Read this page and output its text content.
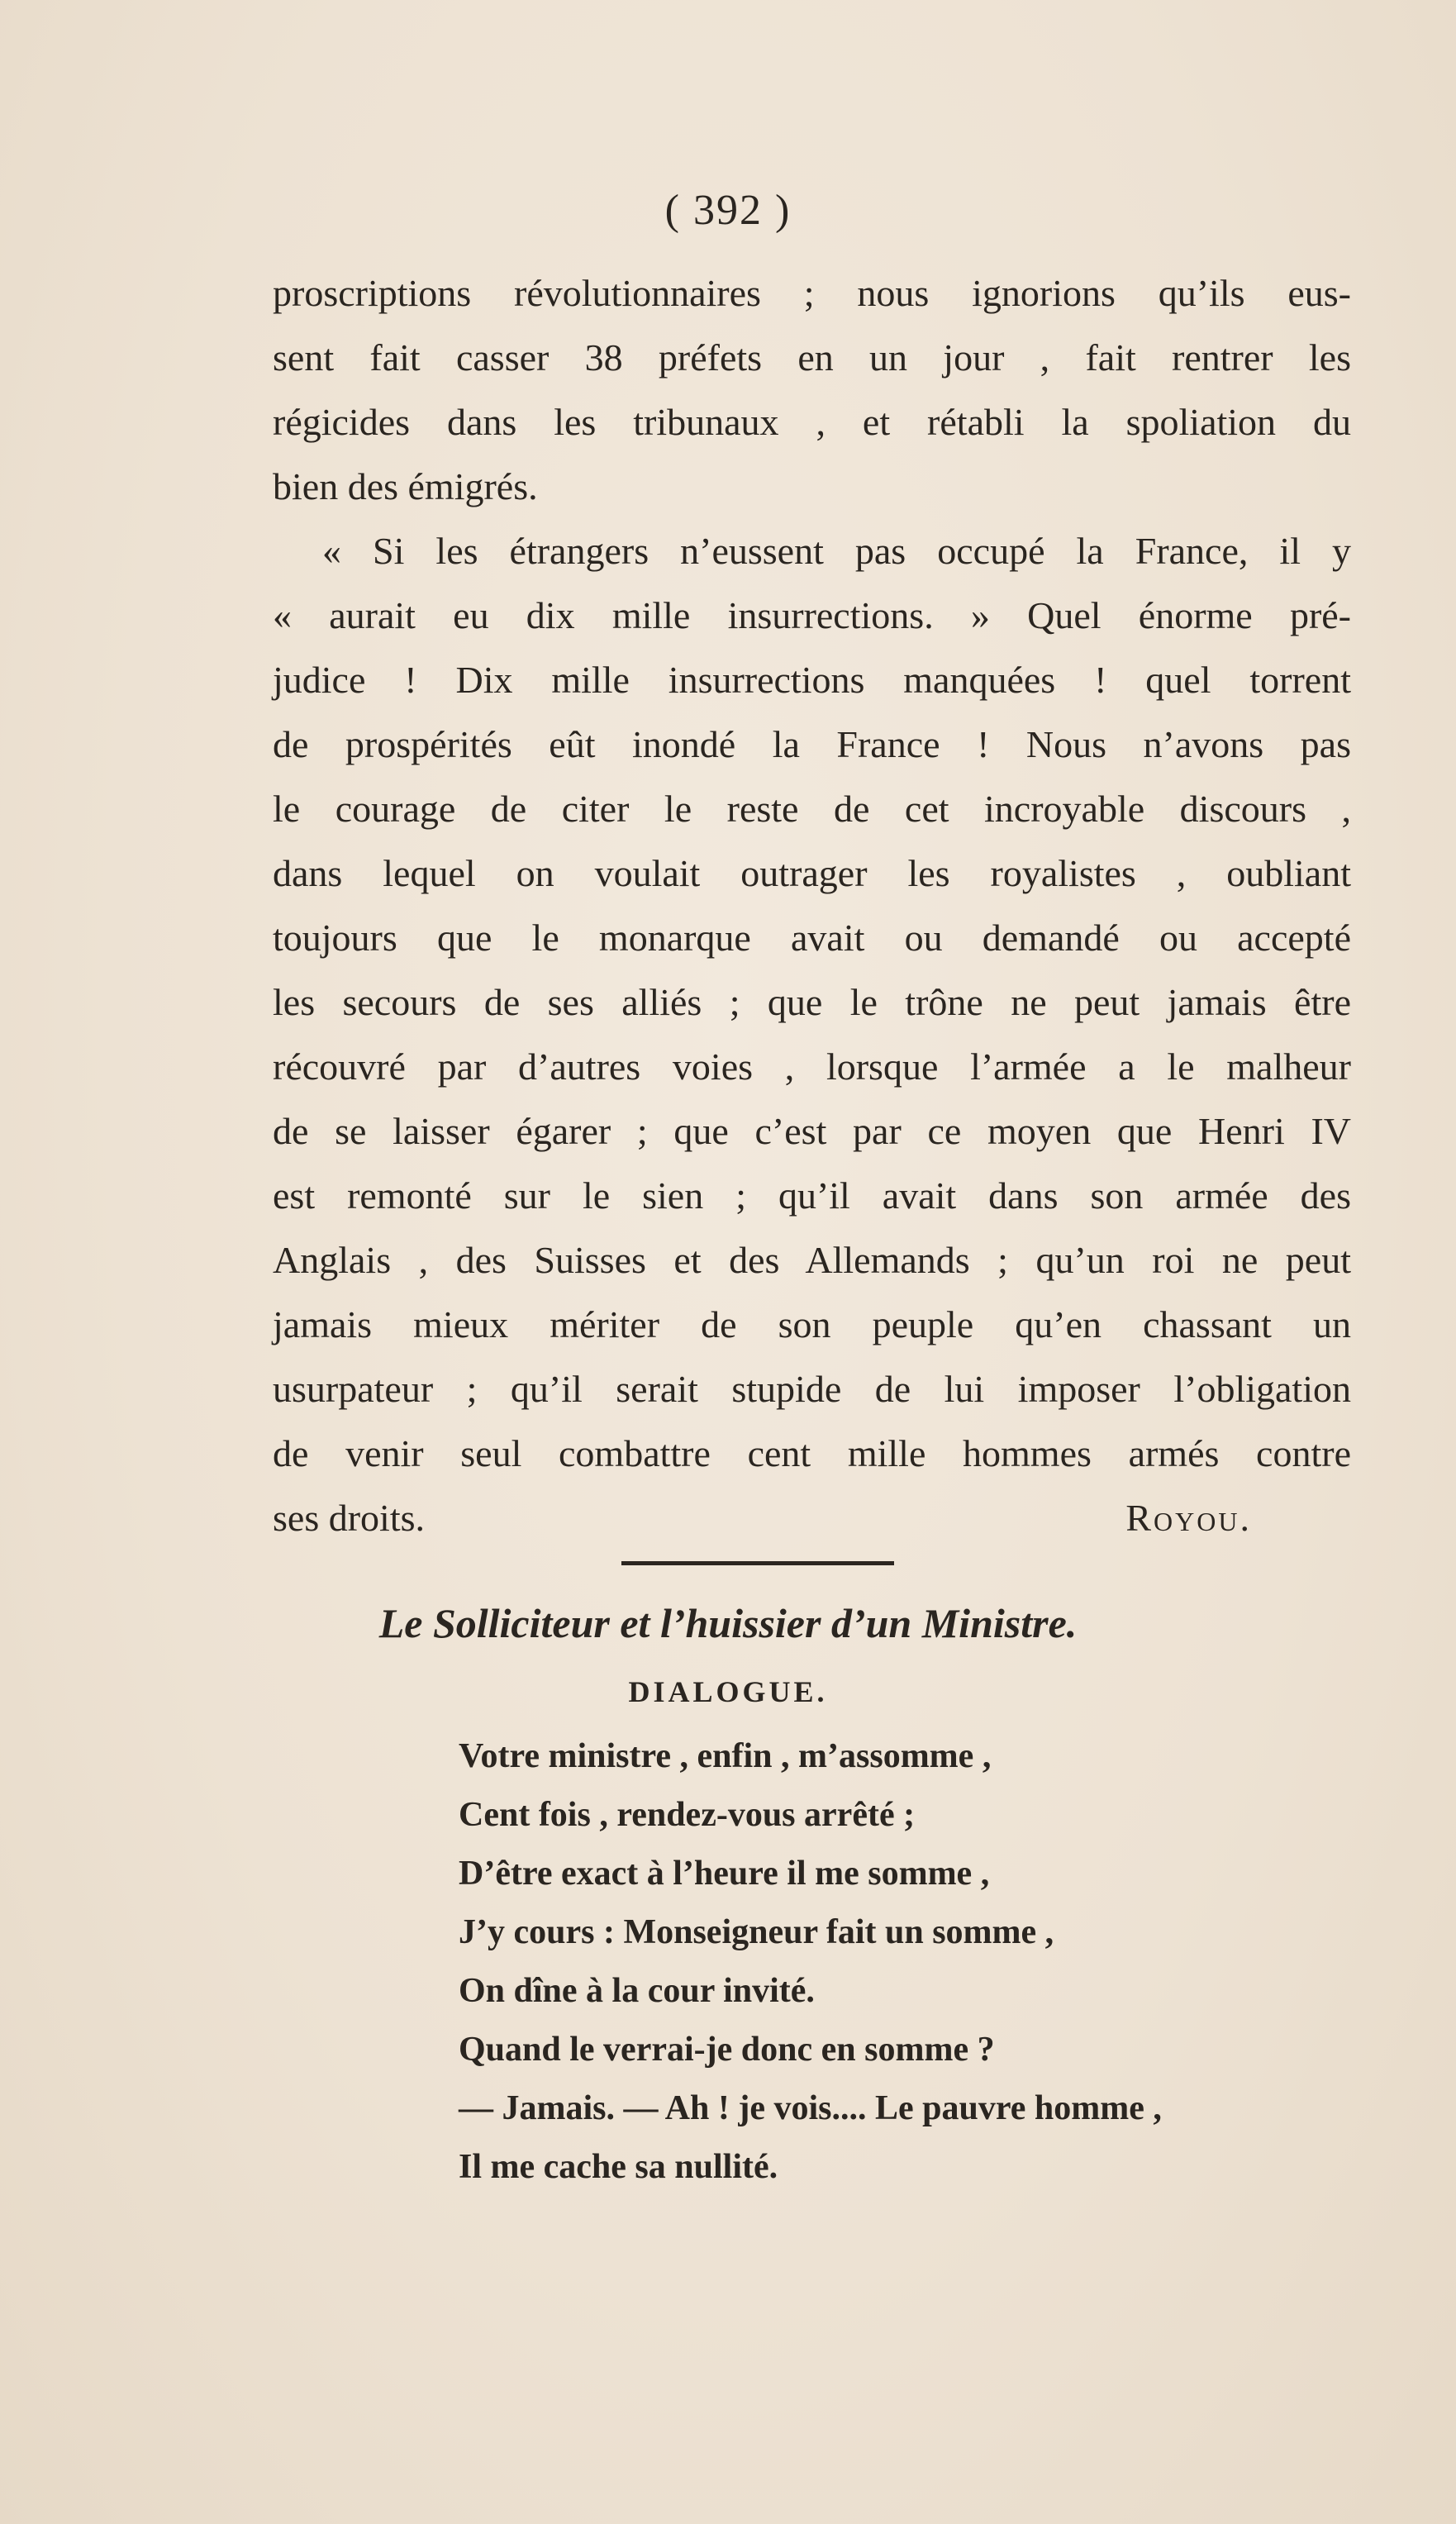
( 392 )
proscriptions révolutionnaires ; nous ignorions qu’ils eus-
sent fait casser 38 préfets en un jour , fait rentrer les
régicides dans les tribunaux , et rétabli la spoliation du
bien des émigrés.
« Si les étrangers n’eussent pas occupé la France, il y
« aurait eu dix mille insurrections. » Quel énorme pré-
judice ! Dix mille insurrections manquées ! quel torrent
de prospérités eût inondé la France ! Nous n’avons pas
le courage de citer le reste de cet incroyable discours ,
dans lequel on voulait outrager les royalistes , oubliant
toujours que le monarque avait ou demandé ou accepté
les secours de ses alliés ; que le trône ne peut jamais être
récouvré par d’autres voies , lorsque l’armée a le malheur
de se laisser égarer ; que c’est par ce moyen que Henri IV
est remonté sur le sien ; qu’il avait dans son armée des
Anglais , des Suisses et des Allemands ; qu’un roi ne peut
jamais mieux mériter de son peuple qu’en chassant un
usurpateur ; qu’il serait stupide de lui imposer l’obligation
de venir seul combattre cent mille hommes armés contre
ses droits.	Royou.
Le Solliciteur et l’huissier d’un Ministre.
DIALOGUE.
Votre ministre , enfin , m’assomme ,
Cent fois , rendez-vous arrêté ;
D’être exact à l’heure il me somme ,
J’y cours : Monseigneur fait un somme ,
On dîne à la cour invité.
Quand le verrai-je donc en somme ?
— Jamais. — Ah ! je vois.... Le pauvre homme ,
Il me cache sa nullité.
